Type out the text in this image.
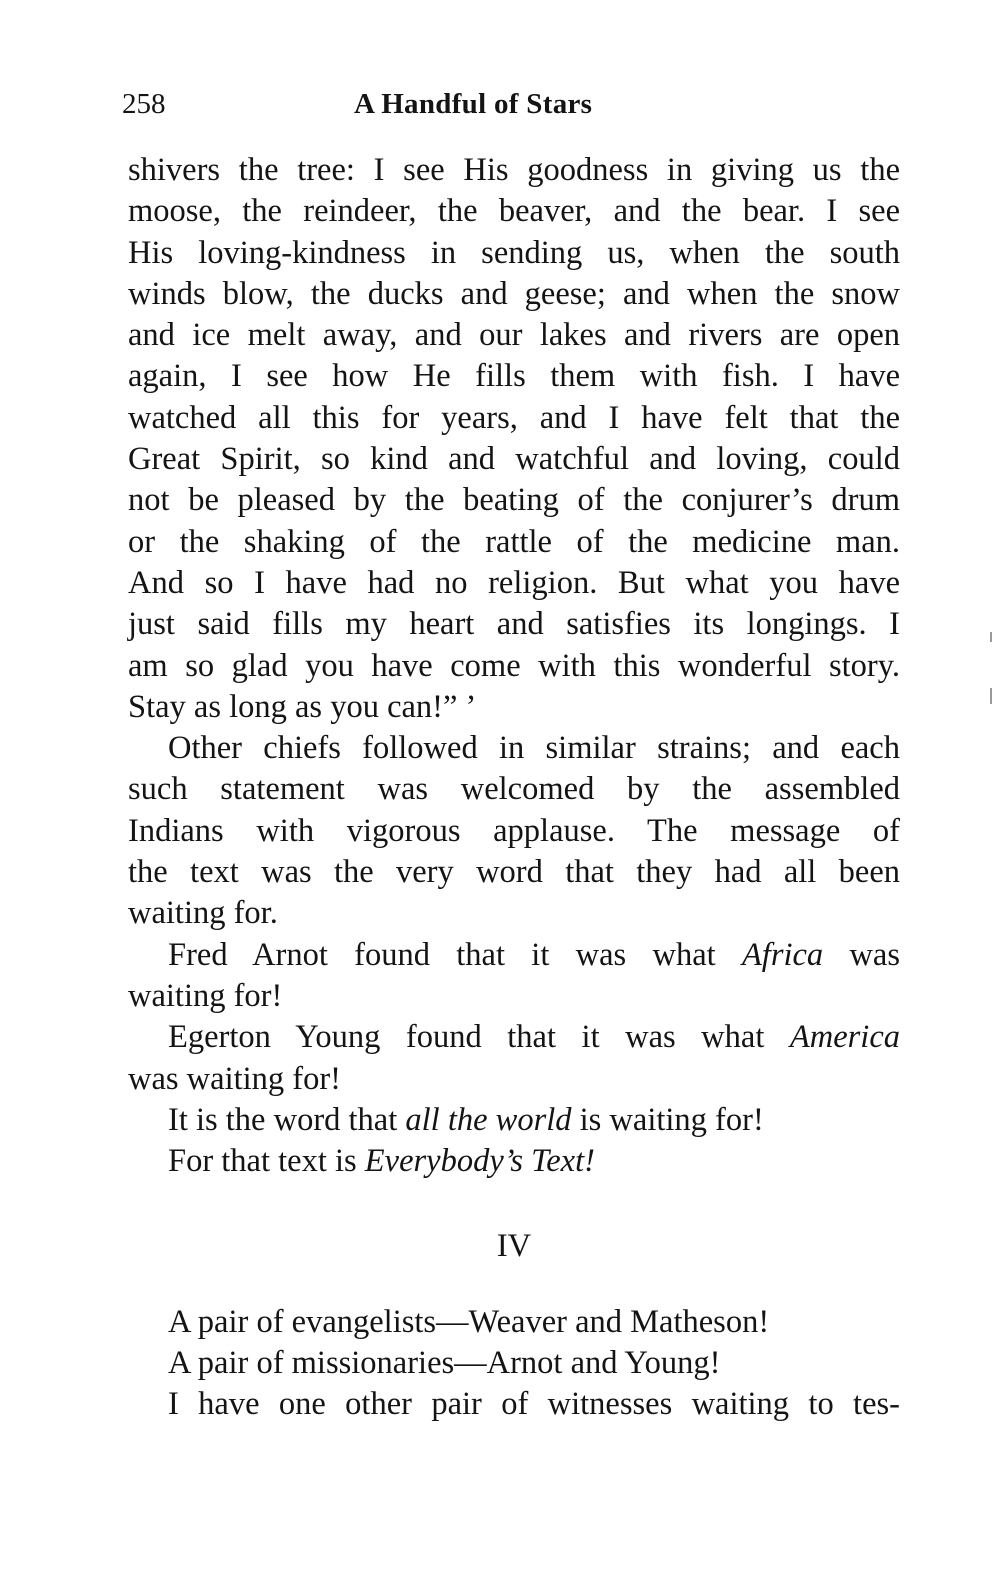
258	A Handful of Stars
shivers the tree: I see His goodness in giving us the
moose, the reindeer, the beaver, and the bear. I see
His loving-kindness in sending us, when the south
winds blow, the ducks and geese; and when the snow
and ice melt away, and our lakes and rivers are open
again, I see how He fills them with fish. I have
watched all this for years, and I have felt that the
Great Spirit, so kind and watchful and loving, could
not be pleased by the beating of the conjurer’s drum
or the shaking of the rattle of the medicine man.
And so I have had no religion. But what you have
just said fills my heart and satisfies its longings. I
am so glad you have come with this wonderful story.
Stay as long as you can!” ’
Other chiefs followed in similar strains; and each
such statement was welcomed by the assembled
Indians with vigorous applause. The message of
the text was the very word that they had all been
waiting for.
Fred Arnot found that it was what Africa was
waiting for!
Egerton Young found that it was what America
was waiting for!
It is the word that all the world is waiting for!
For that text is Everybody’s Text!
IV
A pair of evangelists—Weaver and Matheson!
A pair of missionaries—Arnot and Young!
I have one other pair of witnesses waiting to tes-
